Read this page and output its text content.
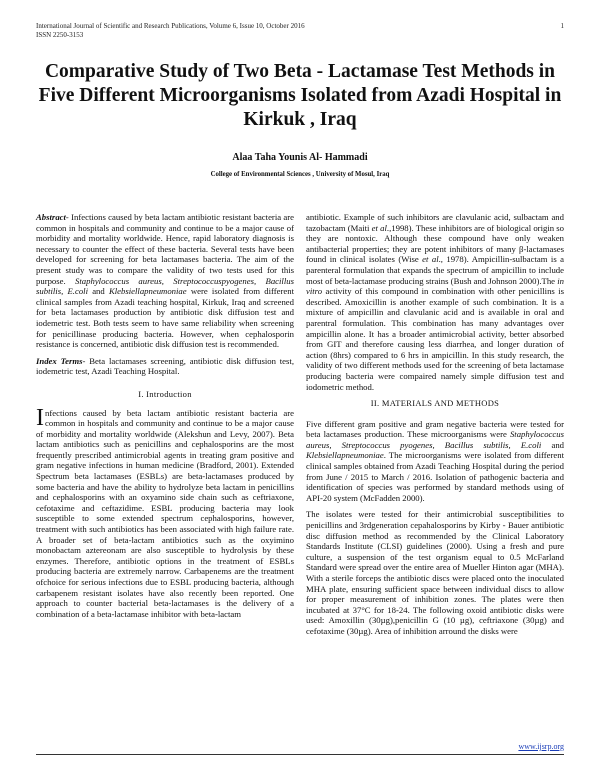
International Journal of Scientific and Research Publications, Volume 6, Issue 10, October 2016
ISSN 2250-3153
1
Comparative Study of Two Beta - Lactamase Test Methods in Five Different Microorganisms Isolated from Azadi Hospital in Kirkuk , Iraq
Alaa Taha Younis Al- Hammadi
College of Environmental Sciences , University of Mosul, Iraq

Abstract- Infections caused by beta lactam antibiotic resistant bacteria are common in hospitals and community and continue to be a major cause of morbidity and mortality worldwide. Hence, rapid laboratory diagnosis is necessary to counter the effect of these bacteria. Several tests have been developed for screening for beta lactamases bacteria. The aim of the present study was to compare the validity of two tests used for this purpose. Staphylococcus aureus, Streptococcuspyogenes, Bacillus subtilis, E.coli and Klebsiellapneumoniae were isolated from different clinical samples from Azadi teaching hospital, Kirkuk, Iraq and screened for beta lactamases production by antibiotic disk diffusion test and iodemetric test. Both tests seem to have same reliability when screening for penicillinase producing bacteria. However, when cephalosporin resistance is concerned, antibiotic disk diffusion test is recommended.

Index Terms- Beta lactamases screening, antibiotic disk diffusion test, iodemetric test, Azadi Teaching Hospital.

I. Introduction

Infections caused by beta lactam antibiotic resistant bacteria are common in hospitals and community and continue to be a major cause of morbidity and mortality worldwide (Alekshun and Levy, 2007). Beta lactam antibiotics such as penicillins and cephalosporins are the most frequently prescribed antimicrobial agents in treating gram positive and gram negative infections in human medicine (Bradford, 2001). Extended Spectrum beta lactamases (ESBLs) are beta-lactamases produced by some bacteria and have the ability to hydrolyze beta lactam in penicillins and cephalosporins with an oxyamino side chain such as ceftriaxone, cefotaxime and ceftazidime. ESBL producing bacteria may look susceptible to some extended spectrum cephalosporins, however, treatment with such antibiotics has been associated with high failure rate. A broader set of beta-lactam antibiotics such as the oxyimino monobactam aztereonam are also susceptible to hydrolysis by these enzymes. Therefore, antibiotic options in the treatment of ESBLs producing bacteria are extremely narrow. Carbapenems are the treatment ofchoice for serious infections due to ESBL producing bacteria, although carbapenem resistant isolates have also recently been reported. One approach to counter bacterial beta-lactamases is the delivery of a combination of a beta-lactamase inhibitor with beta-lactam

antibiotic. Example of such inhibitors are clavulanic acid, sulbactam and tazobactam (Maiti et al.,1998). These inhibitors are of biological origin so they are nontoxic. Although these compound have only weaken antibacterial properties; they are potent inhibitors of many β-lactamases found in clinical isolates (Wise et al., 1978). Ampicillin-sulbactam is a parenteral formulation that expands the spectrum of ampicillin to include most of beta-lactamase producing strains (Bush and Johnson 2000).The in vitro activity of this compound in combination with other penicillins is described. Amoxicillin is another example of such combination. It is a mixture of ampicillin and clavulanic acid and is available in oral and parentral formulation. This combination has many advantages over ampicillin alone. It has a broader antimicrobial activity, better absorbed from GIT and therefore causing less diarrhea, and longer duration of action (8hrs) compared to 6 hrs in ampicillin. In this study research, the validity of two different methods used for the screening of beta lactamase producing bacteria were compaired namely simple diffusion test and iodometric method.

II. MATERIALS AND METHODS

Five different gram positive and gram negative bacteria were tested for beta lactamases production. These microorganisms were Staphylococcus aureus, Streptococcus pyogenes, Bacillus subtilis, E.coli and Klebsiellapneumoniae. The microorganisms were isolated from different clinical samples obtained from Azadi Teaching Hospital during the period from June / 2015 to March / 2016. Isolation of pathogenic bacteria and identification of species was performed by standard methods using of API-20 system (McFadden 2000).

The isolates were tested for their antimicrobial susceptibilities to penicillins and 3rdgeneration cepahalosporins by Kirby - Bauer antibiotic disc diffusion method as recommended by the Clinical Laboratory Standards Institute (CLSI) guidelines (2000). Using a fresh and pure culture, a suspension of the test organism equal to 0.5 McFarland Standard were spread over the entire area of Mueller Hinton agar (MHA). With a sterile forceps the antibiotic discs were placed onto the inoculated MHA plate, ensuring sufficient space between individual discs to allow for proper measurement of inhibition zones. The plates were then incubated at 37°C for 18-24. The following oxoid antibiotic disks were used: Amoxillin (30µg),penicillin G (10 µg), ceftriaxone (30µg) and cefotaxime (30µg). Area of inhibition arround the disks were

www.ijsrp.org
